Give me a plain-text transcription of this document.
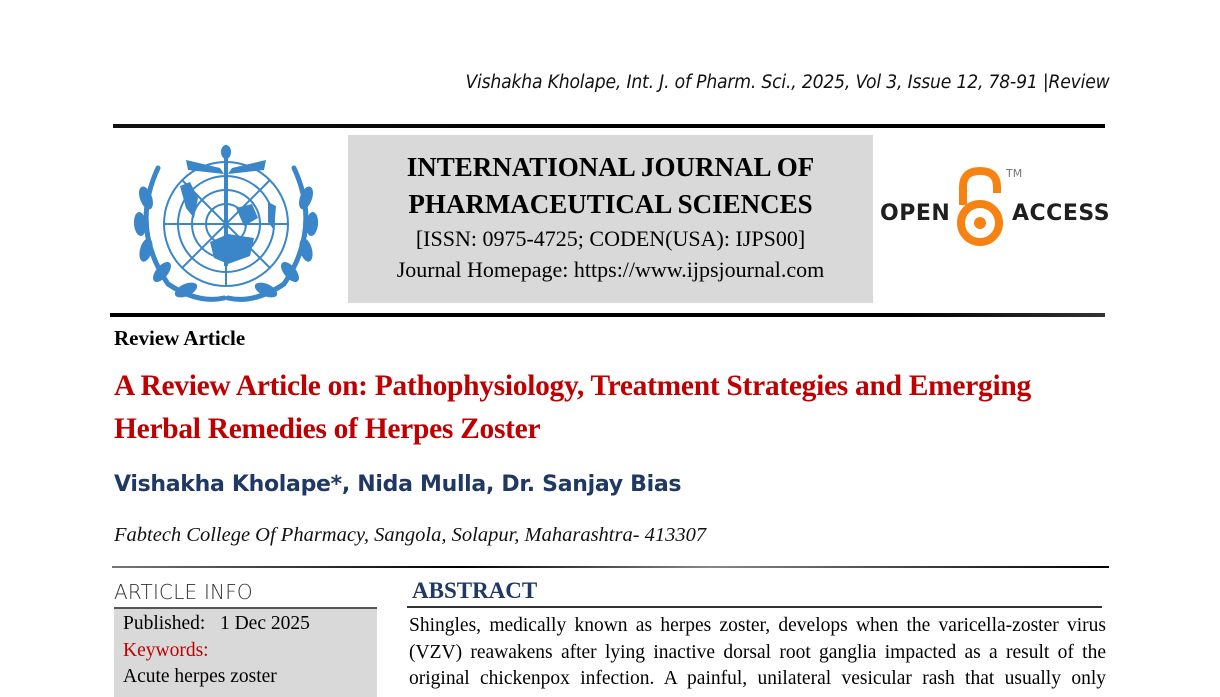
Vishakha Kholape, Int. J. of Pharm. Sci., 2025, Vol 3, Issue 12, 78-91 |Review
INTERNATIONAL JOURNAL OF
PHARMACEUTICAL SCIENCES
[ISSN: 0975-4725; CODEN(USA): IJPS00]
Journal Homepage: https://www.ijpsjournal.com
OPEN
TM
ACCESS
Review Article
A Review Article on: Pathophysiology, Treatment Strategies and Emerging Herbal Remedies of Herpes Zoster
Vishakha Kholape*, Nida Mulla, Dr. Sanjay Bias
Fabtech College Of Pharmacy, Sangola, Solapur, Maharashtra- 413307
ARTICLE INFO
Published: 1 Dec 2025
Keywords:
Acute herpes zoster
ABSTRACT
Shingles, medically known as herpes zoster, develops when the varicella-zoster virus
(VZV) reawakens after lying inactive dorsal root ganglia impacted as a result of the
original chickenpox infection. A painful, unilateral vesicular rash that usually only
